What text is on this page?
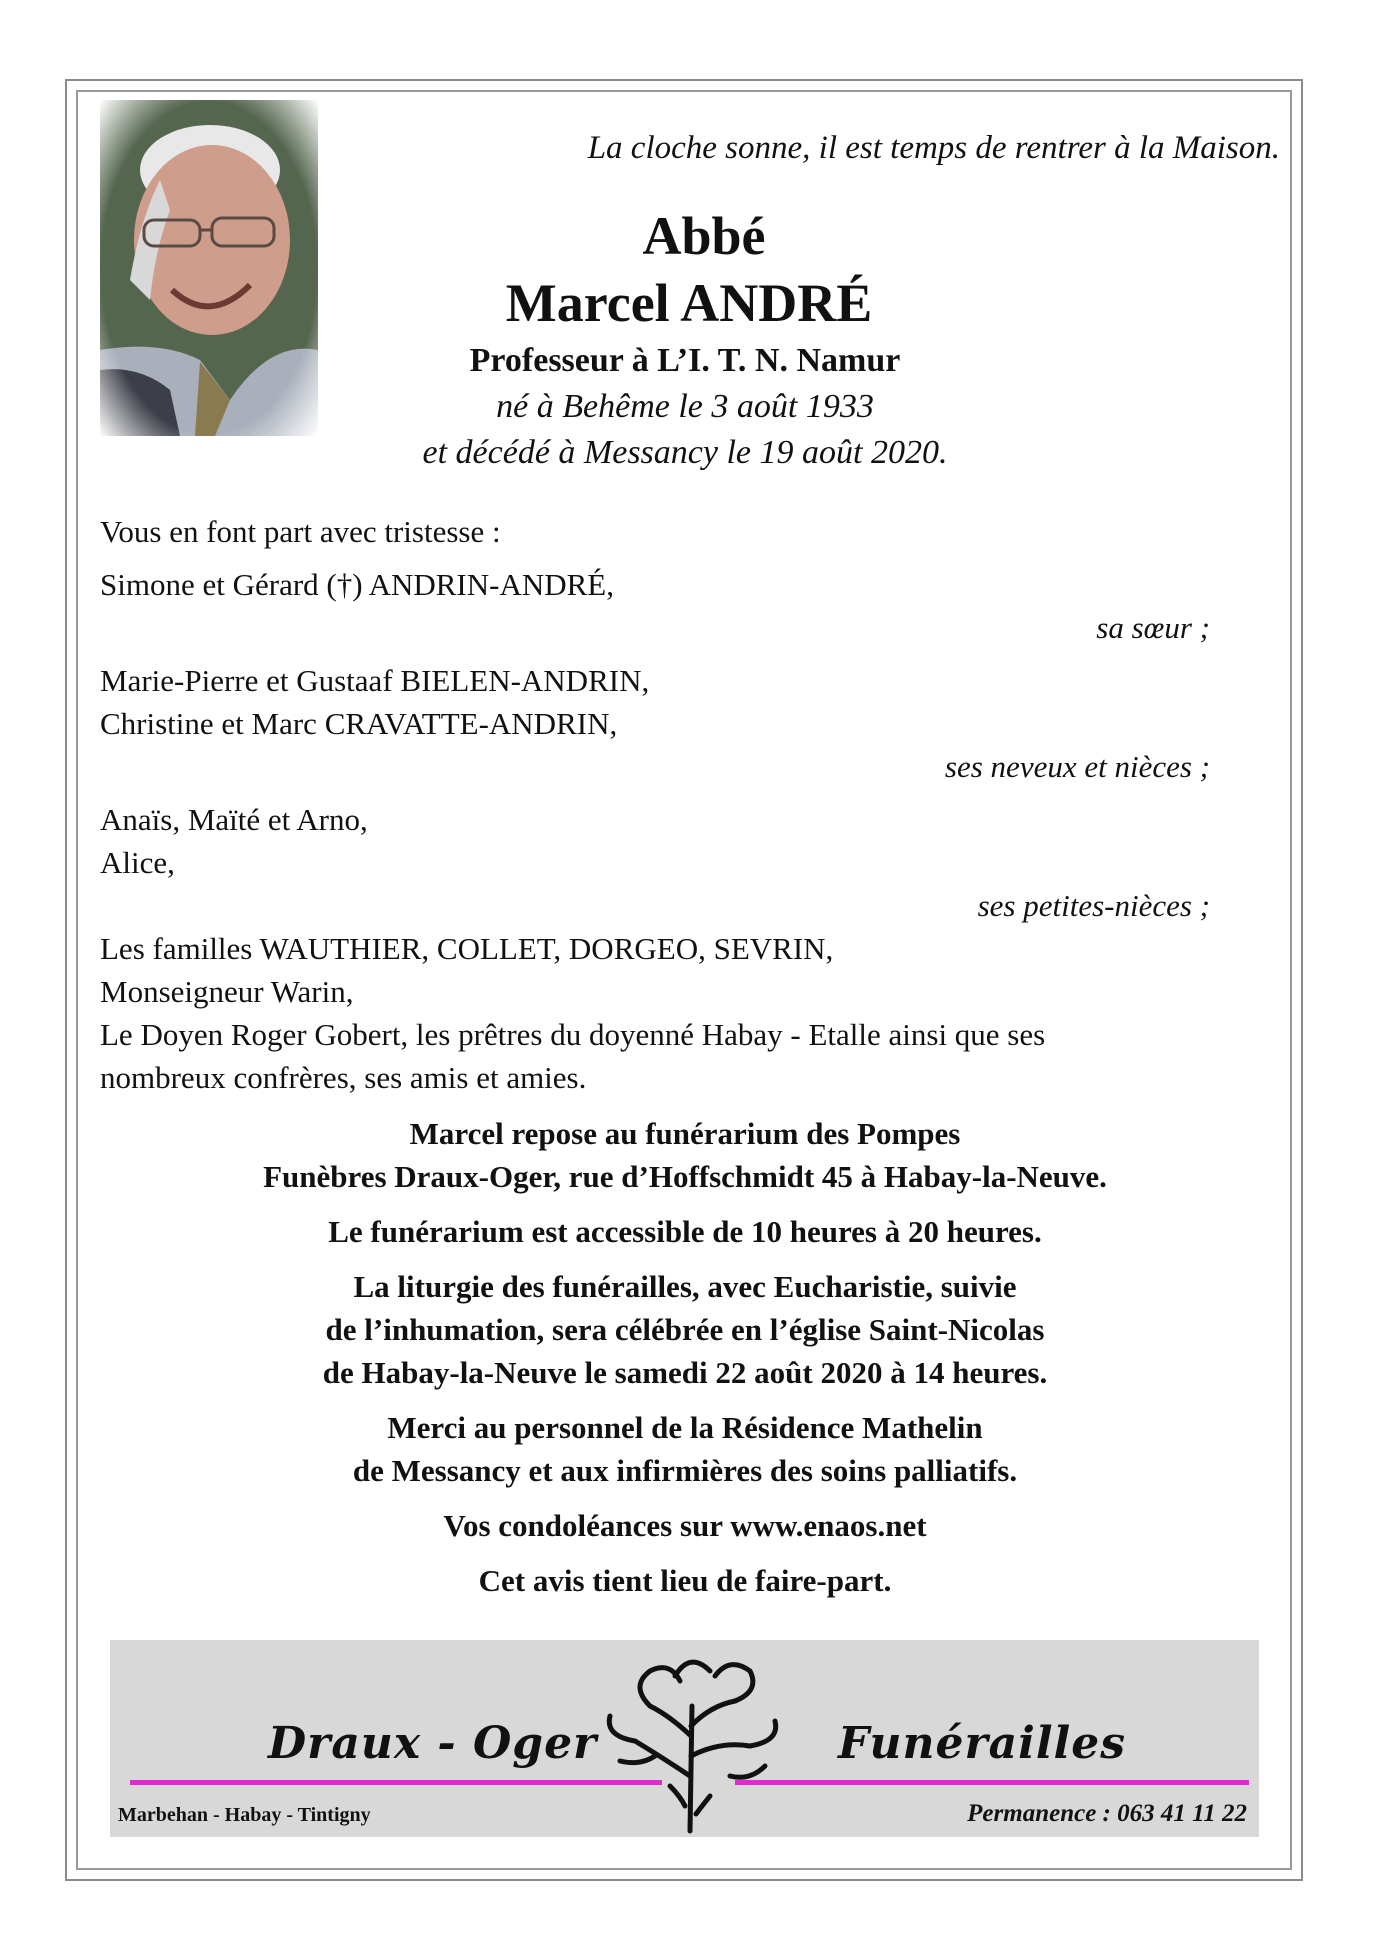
La cloche sonne, il est temps de rentrer à la Maison.
Abbé
Marcel ANDRÉ
Professeur à L’I. T. N. Namur
né à Behême le 3 août 1933
et décédé à Messancy le 19 août 2020.
Vous en font part avec tristesse :
Simone et Gérard (†) ANDRIN-ANDRÉ,
sa sœur ;
Marie-Pierre et Gustaaf BIELEN-ANDRIN,
Christine et Marc CRAVATTE-ANDRIN,
ses neveux et nièces ;
Anaïs, Maïté et Arno,
Alice,
ses petites-nièces ;
Les familles WAUTHIER, COLLET, DORGEO, SEVRIN,
Monseigneur Warin,
Le Doyen Roger Gobert, les prêtres du doyenné Habay - Etalle ainsi que ses
nombreux confrères, ses amis et amies.

Marcel repose au funérarium des Pompes
Funèbres Draux-Oger, rue d’Hoffschmidt 45 à Habay-la-Neuve.

Le funérarium est accessible de 10 heures à 20 heures.

La liturgie des funérailles, avec Eucharistie, suivie
de l’inhumation, sera célébrée en l’église Saint-Nicolas
de Habay-la-Neuve le samedi 22 août 2020 à 14 heures.

Merci au personnel de la Résidence Mathelin
de Messancy et aux infirmières des soins palliatifs.

Vos condoléances sur www.enaos.net

Cet avis tient lieu de faire-part.

Draux - Oger	Funérailles
Marbehan - Habay - Tintigny	Permanence : 063 41 11 22
